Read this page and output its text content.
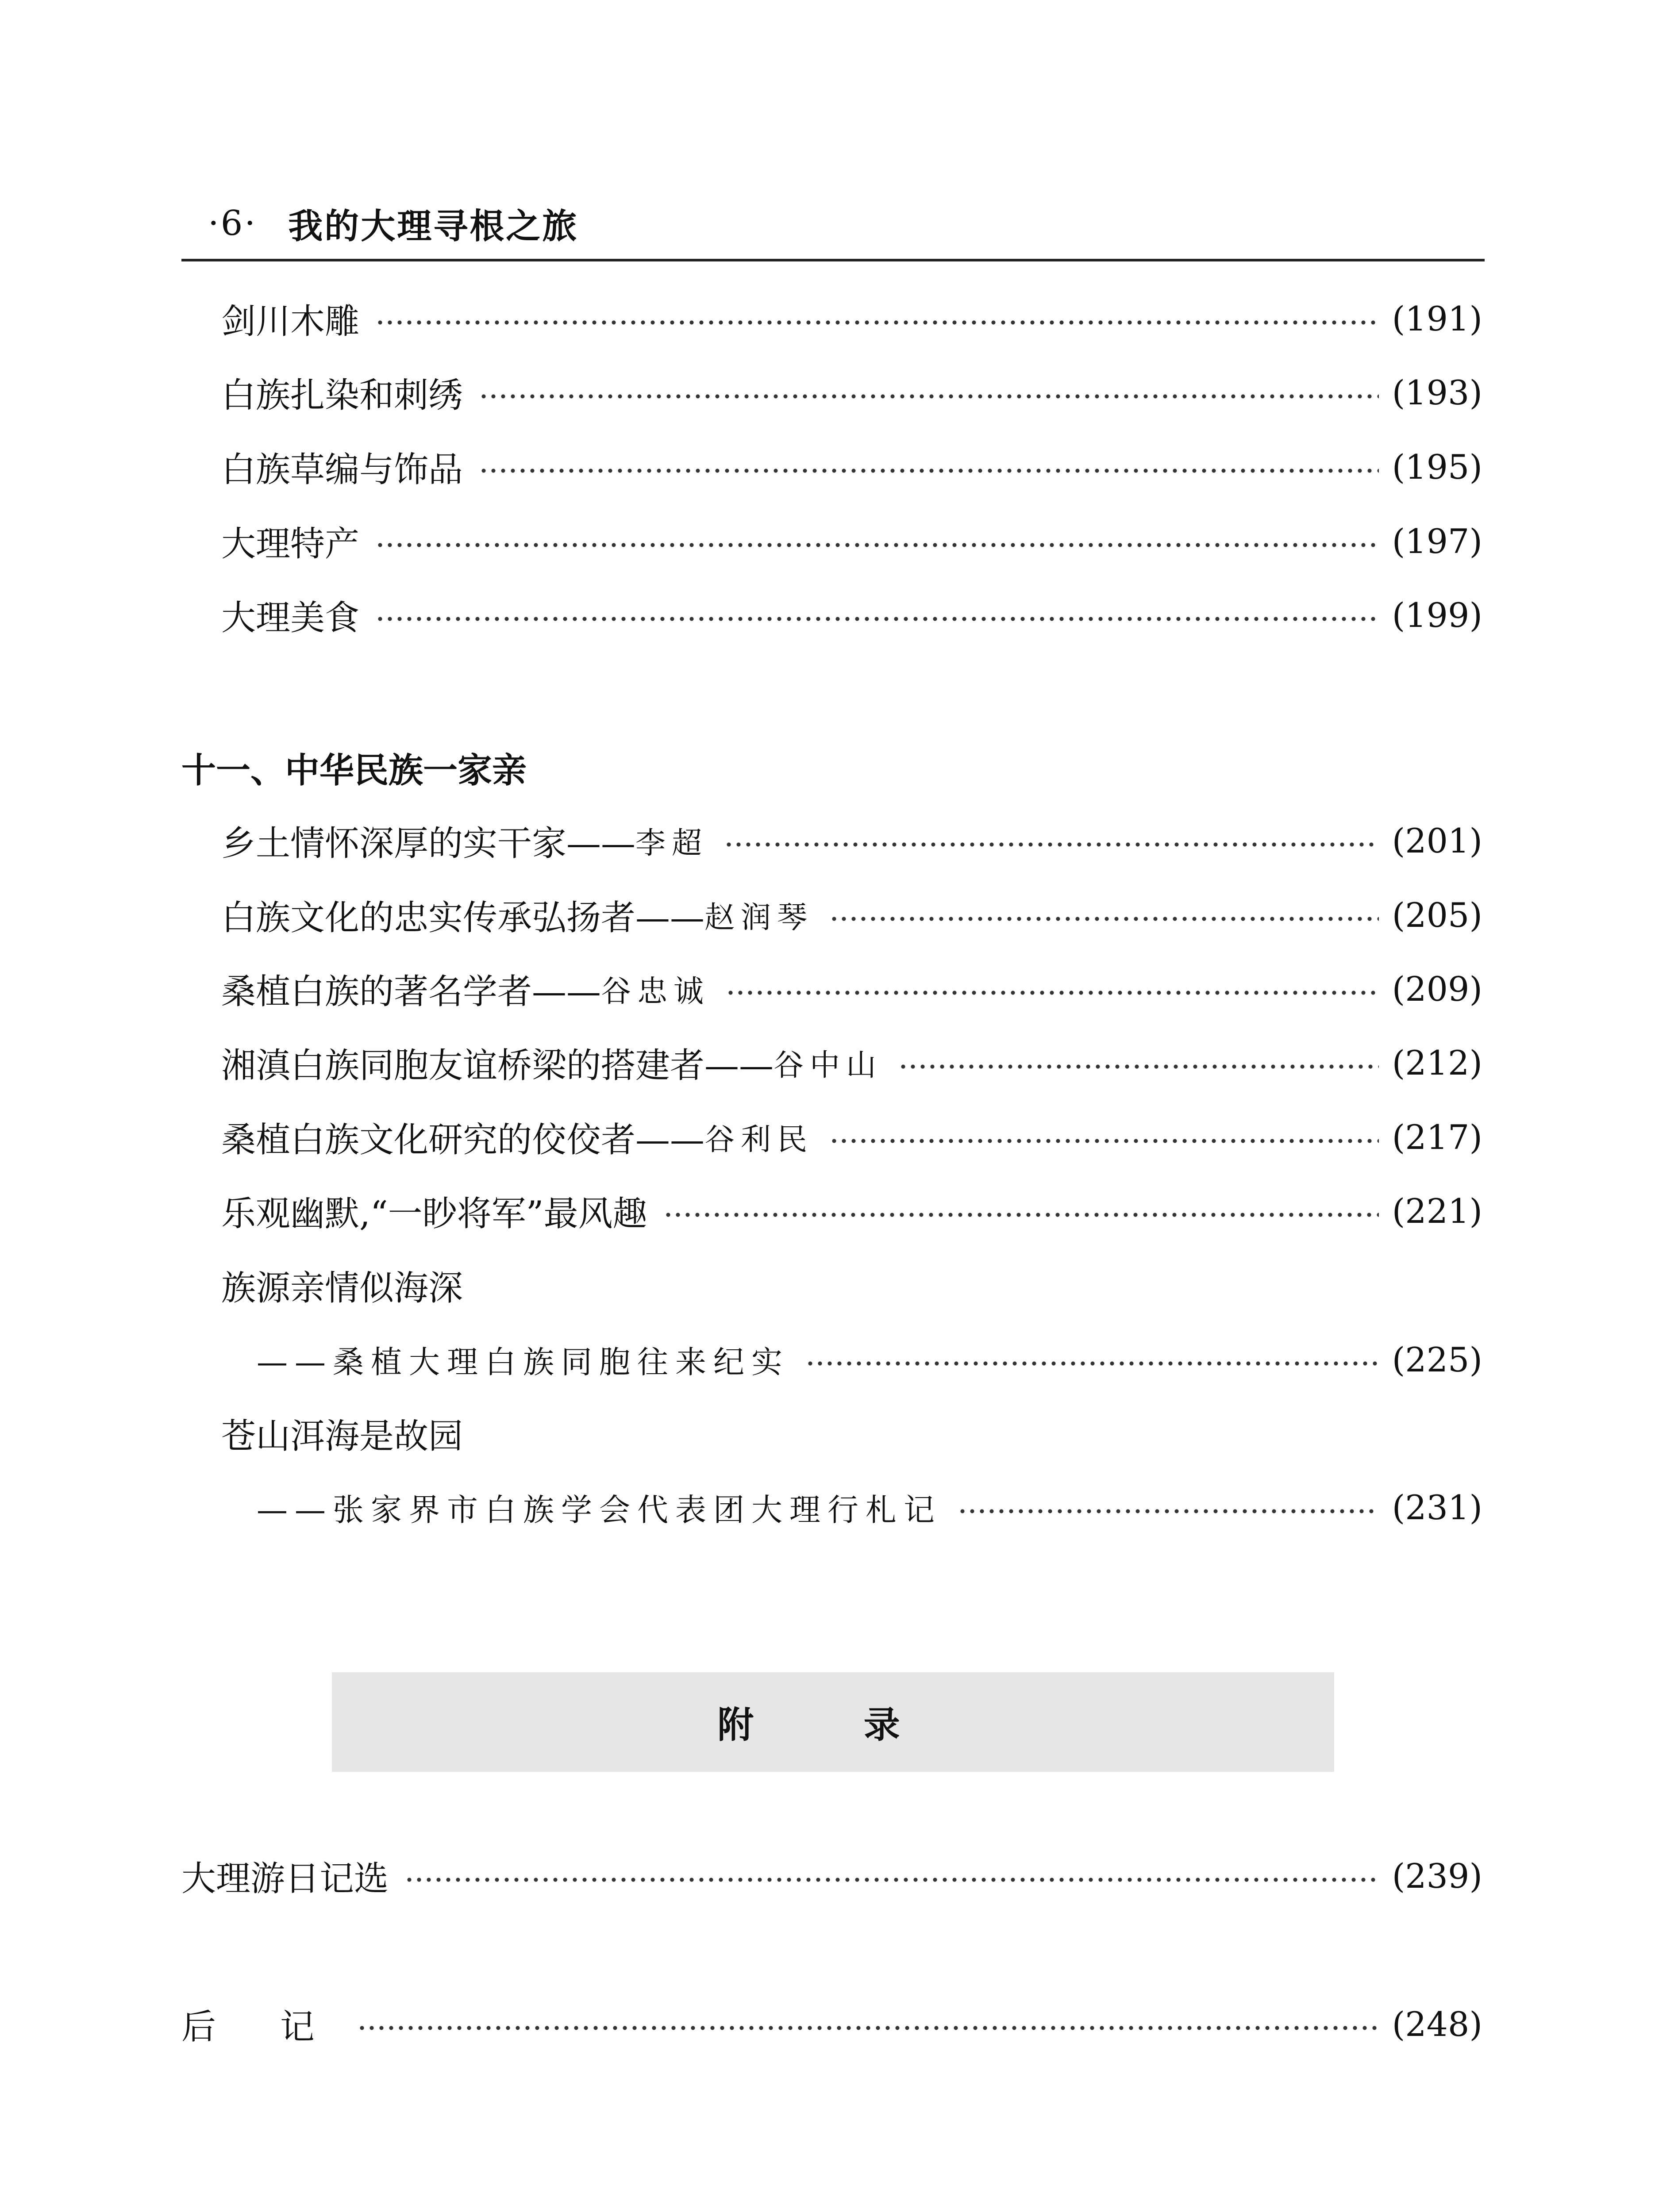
·6· 我的大理寻根之旅
剑川木雕	(191)
白族扎染和刺绣	(193)
白族草编与饰品	(195)
大理特产	(197)
大理美食	(199)
十一、中华民族一家亲
乡土情怀深厚的实干家—— 李超	(201)
白族文化的忠实传承弘扬者—— 赵润琴	(205)
桑植白族的著名学者—— 谷忠诚	(209)
湘滇白族同胞友谊桥梁的搭建者—— 谷中山	(212)
桑植白族文化研究的佼佼者—— 谷利民	(217)
乐观幽默,“一眇将军”最风趣	(221)
族源亲情似海深
——桑植大理白族同胞往来纪实	(225)
苍山洱海是故园
——张家界市白族学会代表团大理行札记	(231)
附 录
大理游日记选	(239)
后 记	(248)
